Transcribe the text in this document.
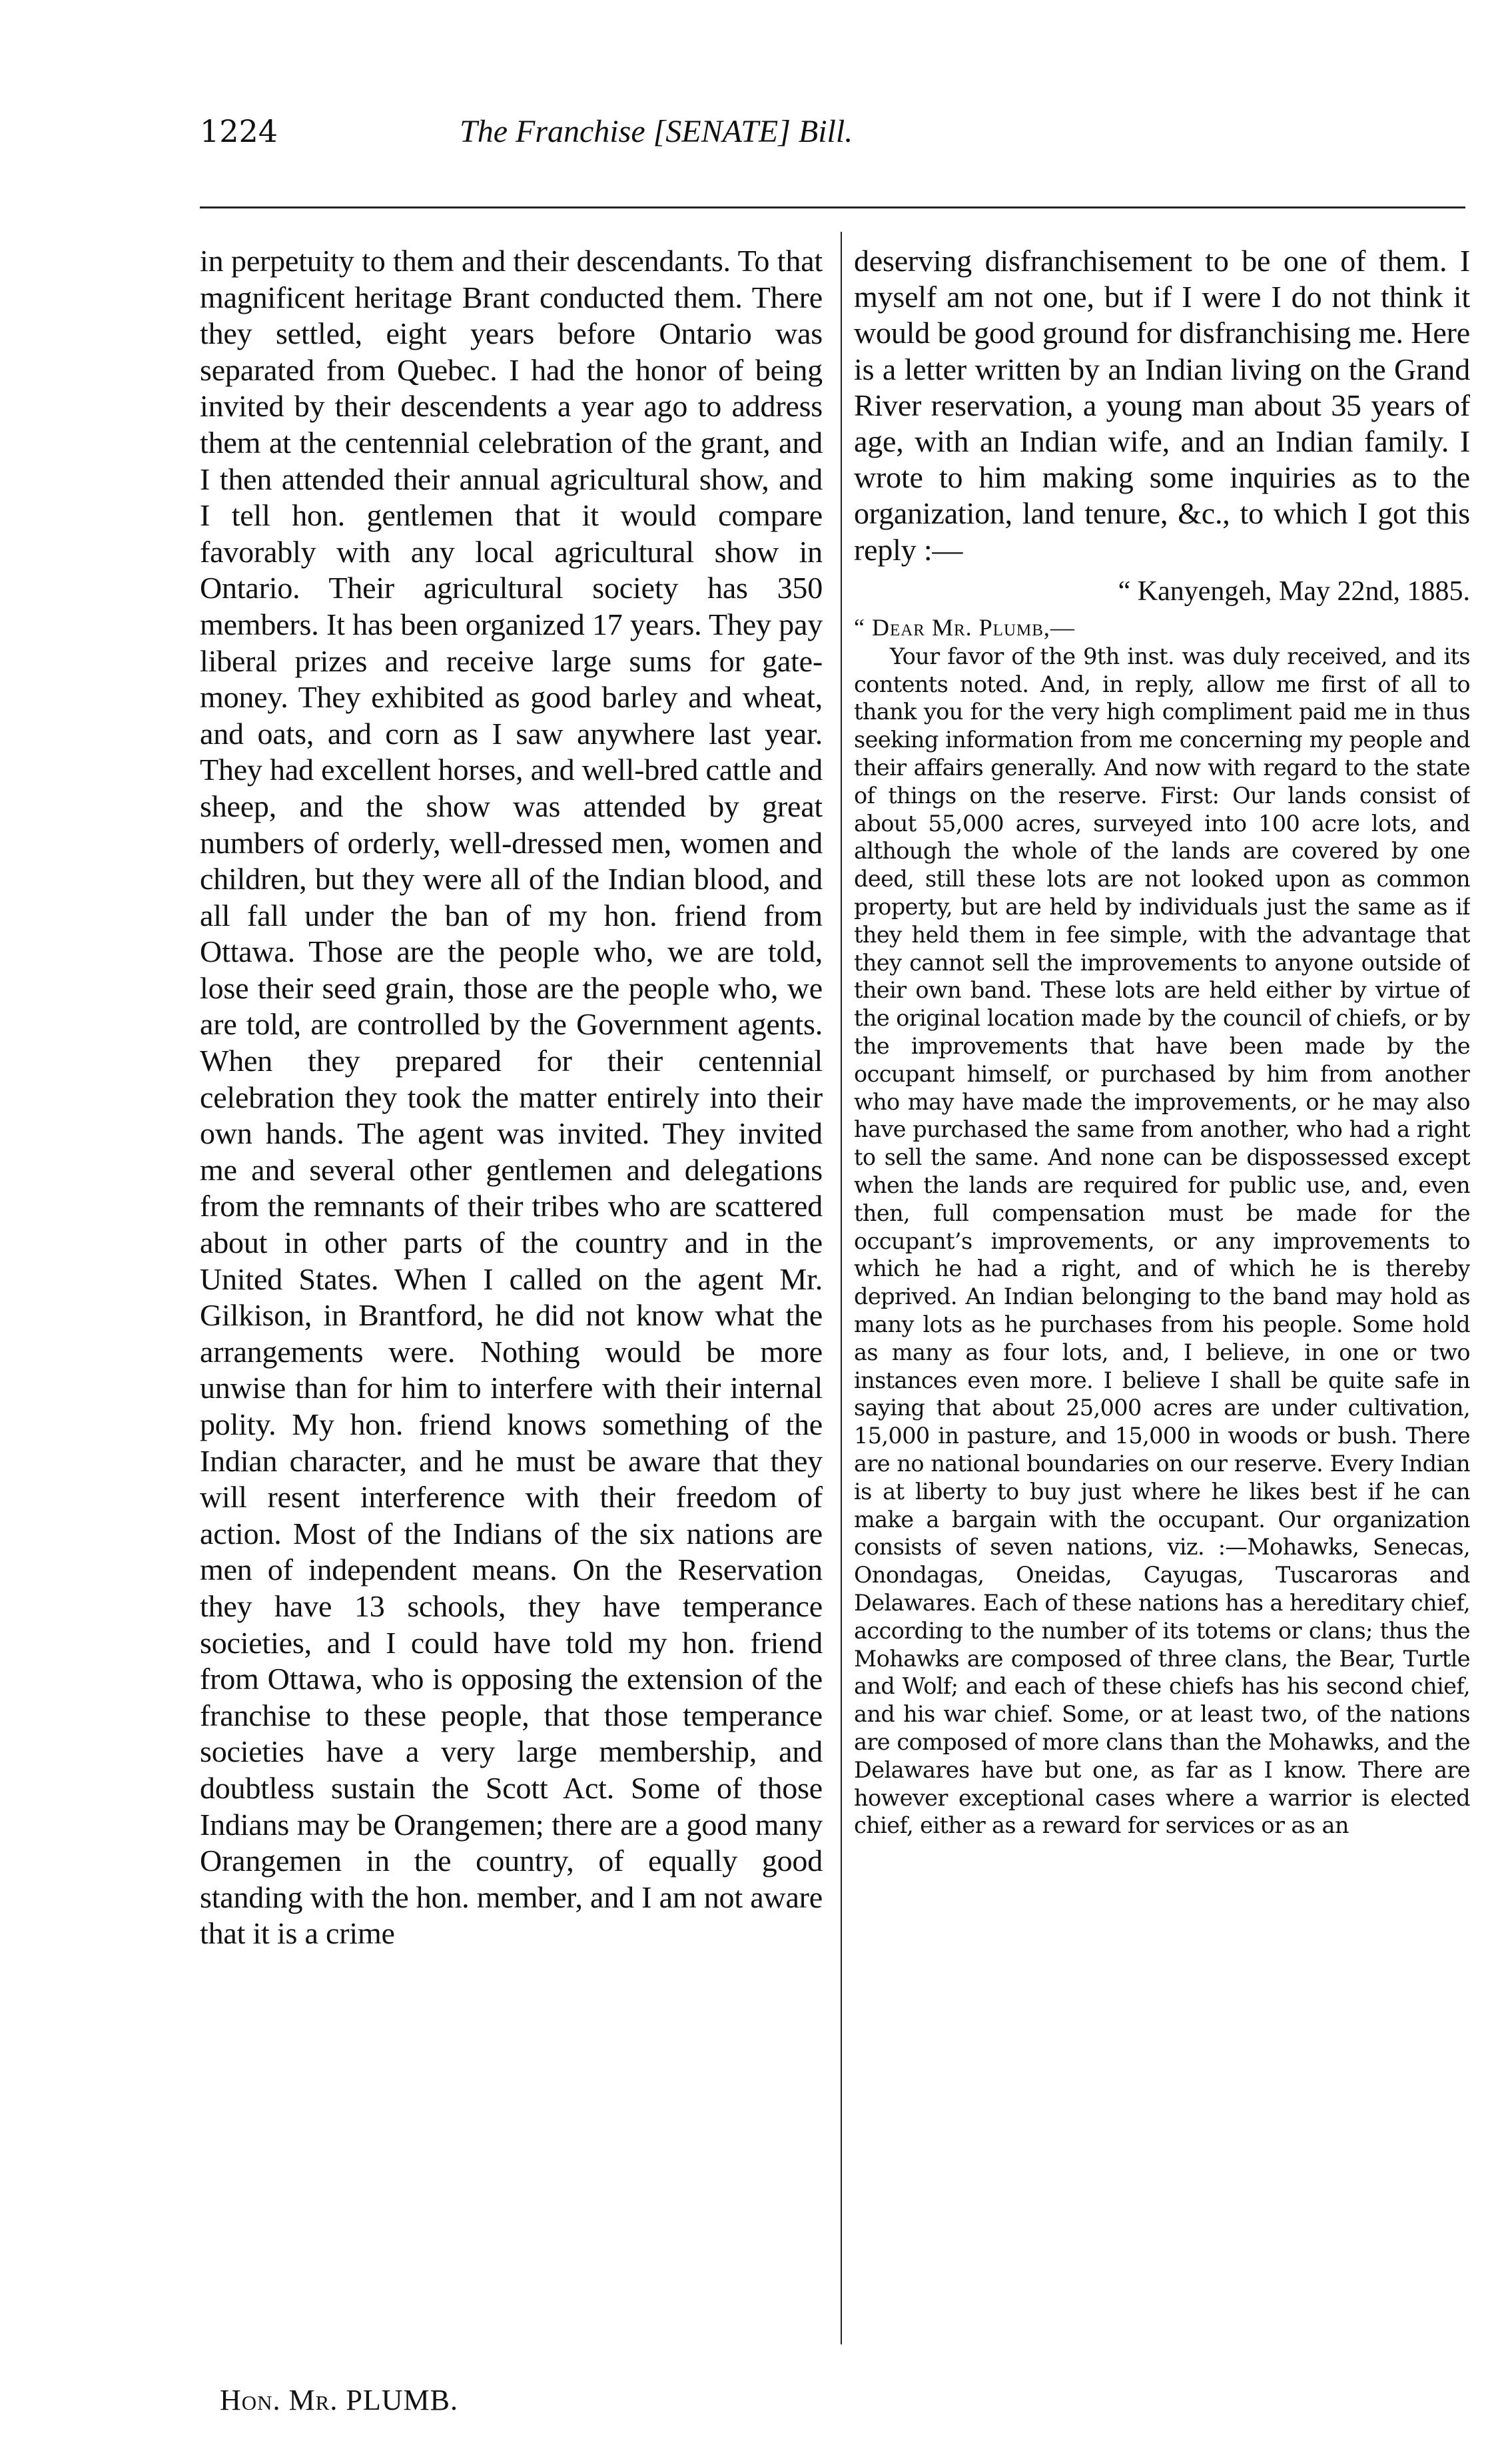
1224	The Franchise [SENATE] Bill.

in perpetuity to them and their descendants. To that magnificent heritage Brant conducted them. There they settled, eight years before Ontario was separated from Quebec. I had the honor of being invited by their descendents a year ago to address them at the centennial celebration of the grant, and I then attended their annual agricultural show, and I tell hon. gentlemen that it would compare favorably with any local agricultural show in Ontario. Their agricultural society has 350 members. It has been organized 17 years. They pay liberal prizes and receive large sums for gate-money. They exhibited as good barley and wheat, and oats, and corn as I saw anywhere last year. They had excellent horses, and well-bred cattle and sheep, and the show was attended by great numbers of orderly, well-dressed men, women and children, but they were all of the Indian blood, and all fall under the ban of my hon. friend from Ottawa. Those are the people who, we are told, lose their seed grain, those are the people who, we are told, are controlled by the Government agents. When they prepared for their centennial celebration they took the matter entirely into their own hands. The agent was invited. They invited me and several other gentlemen and delegations from the remnants of their tribes who are scattered about in other parts of the country and in the United States. When I called on the agent Mr. Gilkison, in Brantford, he did not know what the arrangements were. Nothing would be more unwise than for him to interfere with their internal polity. My hon. friend knows something of the Indian character, and he must be aware that they will resent interference with their freedom of action. Most of the Indians of the six nations are men of independent means. On the Reservation they have 13 schools, they have temperance societies, and I could have told my hon. friend from Ottawa, who is opposing the extension of the franchise to these people, that those temperance societies have a very large membership, and doubtless sustain the Scott Act. Some of those Indians may be Orangemen; there are a good many Orangemen in the country, of equally good standing with the hon. member, and I am not aware that it is a crime

deserving disfranchisement to be one of them. I myself am not one, but if I were I do not think it would be good ground for disfranchising me. Here is a letter written by an Indian living on the Grand River reservation, a young man about 35 years of age, with an Indian wife, and an Indian family. I wrote to him making some inquiries as to the organization, land tenure, &c., to which I got this reply :—

“ Kanyengeh, May 22nd, 1885.

“ Dear Mr. Plumb,—

Your favor of the 9th inst. was duly received, and its contents noted. And, in reply, allow me first of all to thank you for the very high compliment paid me in thus seeking information from me concerning my people and their affairs generally. And now with regard to the state of things on the reserve. First: Our lands consist of about 55,000 acres, surveyed into 100 acre lots, and although the whole of the lands are covered by one deed, still these lots are not looked upon as common property, but are held by individuals just the same as if they held them in fee simple, with the advantage that they cannot sell the improvements to anyone outside of their own band. These lots are held either by virtue of the original location made by the council of chiefs, or by the improvements that have been made by the occupant himself, or purchased by him from another who may have made the improvements, or he may also have purchased the same from another, who had a right to sell the same. And none can be dispossessed except when the lands are required for public use, and, even then, full compensation must be made for the occupant’s improvements, or any improvements to which he had a right, and of which he is thereby deprived. An Indian belonging to the band may hold as many lots as he purchases from his people. Some hold as many as four lots, and, I believe, in one or two instances even more. I believe I shall be quite safe in saying that about 25,000 acres are under cultivation, 15,000 in pasture, and 15,000 in woods or bush. There are no national boundaries on our reserve. Every Indian is at liberty to buy just where he likes best if he can make a bargain with the occupant. Our organization consists of seven nations, viz. :—Mohawks, Senecas, Onondagas, Oneidas, Cayugas, Tuscaroras and Delawares. Each of these nations has a hereditary chief, according to the number of its totems or clans; thus the Mohawks are composed of three clans, the Bear, Turtle and Wolf; and each of these chiefs has his second chief, and his war chief. Some, or at least two, of the nations are composed of more clans than the Mohawks, and the Delawares have but one, as far as I know. There are however exceptional cases where a warrior is elected chief, either as a reward for services or as an

Hon. Mr. PLUMB.
